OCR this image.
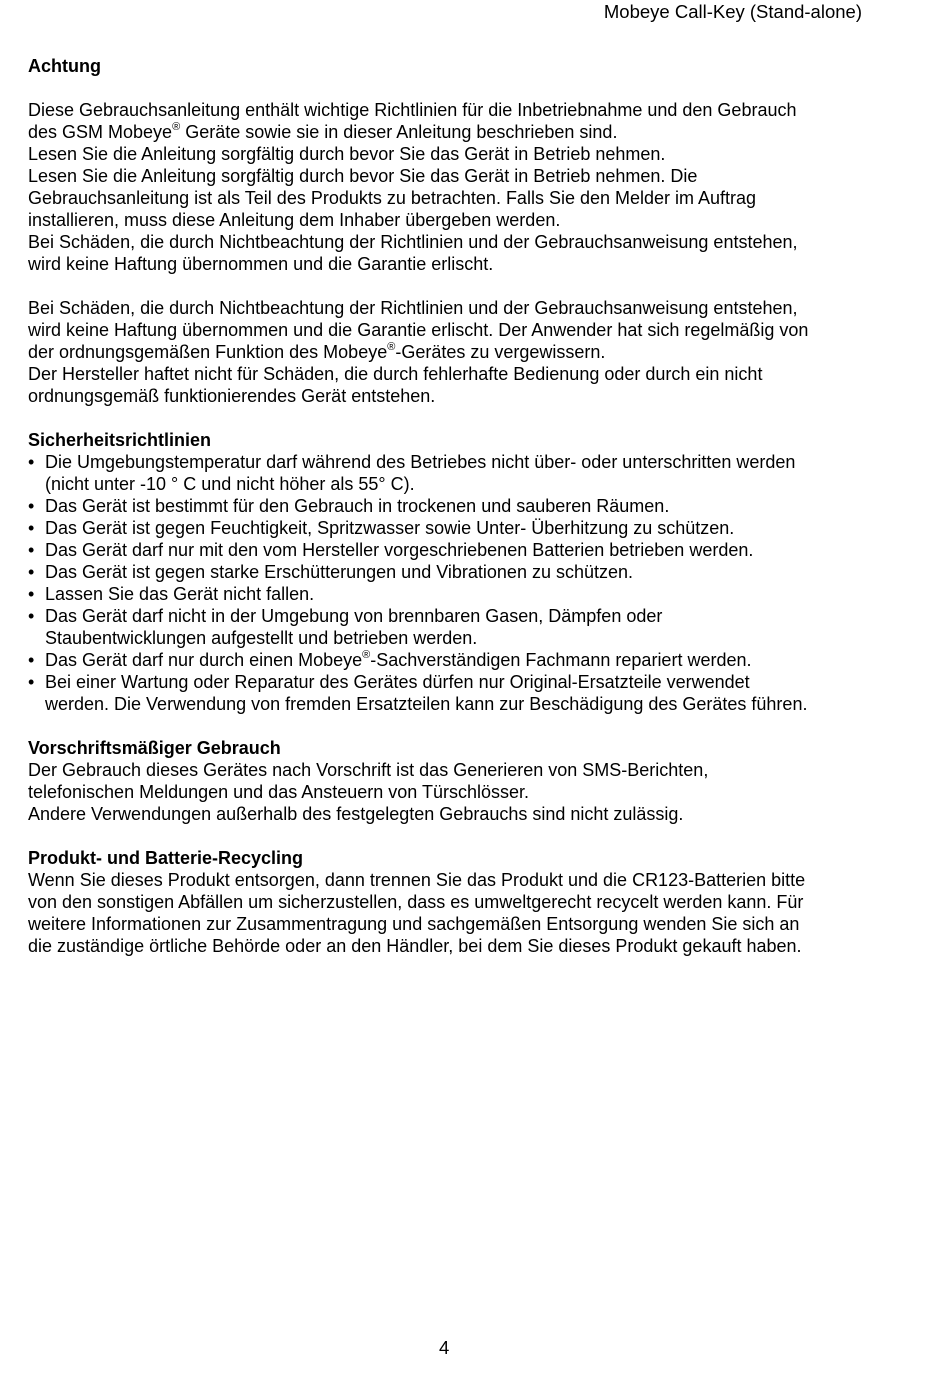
Mobeye Call-Key (Stand-alone)
Achtung
Diese Gebrauchsanleitung enthält wichtige Richtlinien für die Inbetriebnahme und den Gebrauch
des GSM Mobeye® Geräte sowie sie in dieser Anleitung beschrieben sind.
Lesen Sie die Anleitung sorgfältig durch bevor Sie das Gerät in Betrieb nehmen.
Lesen Sie die Anleitung sorgfältig durch bevor Sie das Gerät in Betrieb nehmen. Die
Gebrauchsanleitung ist als Teil des Produkts zu betrachten. Falls Sie den Melder im Auftrag
installieren, muss diese Anleitung dem Inhaber übergeben werden.
Bei Schäden, die durch Nichtbeachtung der Richtlinien und der Gebrauchsanweisung entstehen,
wird keine Haftung übernommen und die Garantie erlischt.
Bei Schäden, die durch Nichtbeachtung der Richtlinien und der Gebrauchsanweisung entstehen,
wird keine Haftung übernommen und die Garantie erlischt. Der Anwender hat sich regelmäßig von
der ordnungsgemäßen Funktion des Mobeye®-Gerätes zu vergewissern.
Der Hersteller haftet nicht für Schäden, die durch fehlerhafte Bedienung oder durch ein nicht
ordnungsgemäß funktionierendes Gerät entstehen.
Sicherheitsrichtlinien
• Die Umgebungstemperatur darf während des Betriebes nicht über- oder unterschritten werden
(nicht unter -10 ° C und nicht höher als 55° C).
• Das Gerät ist bestimmt für den Gebrauch in trockenen und sauberen Räumen.
• Das Gerät ist gegen Feuchtigkeit, Spritzwasser sowie Unter- Überhitzung zu schützen.
• Das Gerät darf nur mit den vom Hersteller vorgeschriebenen Batterien betrieben werden.
• Das Gerät ist gegen starke Erschütterungen und Vibrationen zu schützen.
• Lassen Sie das Gerät nicht fallen.
• Das Gerät darf nicht in der Umgebung von brennbaren Gasen, Dämpfen oder
Staubentwicklungen aufgestellt und betrieben werden.
• Das Gerät darf nur durch einen Mobeye®-Sachverständigen Fachmann repariert werden.
• Bei einer Wartung oder Reparatur des Gerätes dürfen nur Original-Ersatzteile verwendet
werden. Die Verwendung von fremden Ersatzteilen kann zur Beschädigung des Gerätes führen.
Vorschriftsmäßiger Gebrauch
Der Gebrauch dieses Gerätes nach Vorschrift ist das Generieren von SMS-Berichten,
telefonischen Meldungen und das Ansteuern von Türschlösser.
Andere Verwendungen außerhalb des festgelegten Gebrauchs sind nicht zulässig.
Produkt- und Batterie-Recycling
Wenn Sie dieses Produkt entsorgen, dann trennen Sie das Produkt und die CR123-Batterien bitte
von den sonstigen Abfällen um sicherzustellen, dass es umweltgerecht recycelt werden kann. Für
weitere Informationen zur Zusammentragung und sachgemäßen Entsorgung wenden Sie sich an
die zuständige örtliche Behörde oder an den Händler, bei dem Sie dieses Produkt gekauft haben.
4
